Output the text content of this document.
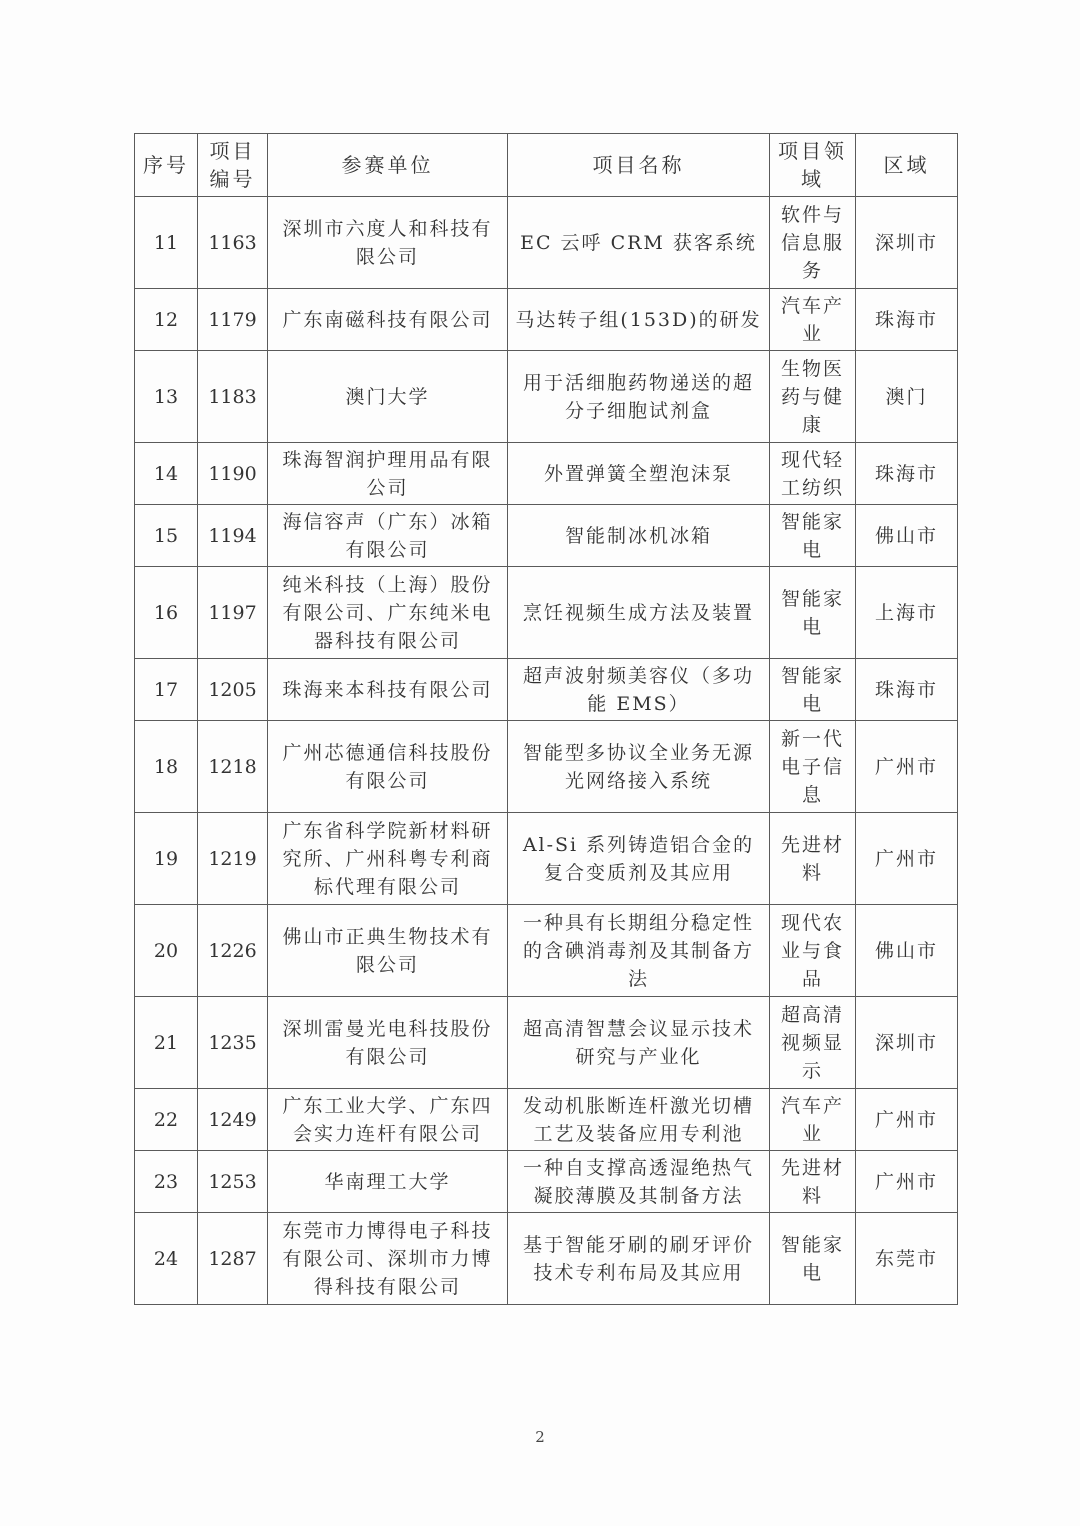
序号	项目编号	参赛单位	项目名称	项目领域	区域
11	1163	深圳市六度人和科技有限公司	EC 云呼 CRM 获客系统	软件与信息服务	深圳市
12	1179	广东南磁科技有限公司	马达转子组(153D)的研发	汽车产业	珠海市
13	1183	澳门大学	用于活细胞药物递送的超分子细胞试剂盒	生物医药与健康	澳门
14	1190	珠海智润护理用品有限公司	外置弹簧全塑泡沫泵	现代轻工纺织	珠海市
15	1194	海信容声（广东）冰箱有限公司	智能制冰机冰箱	智能家电	佛山市
16	1197	纯米科技（上海）股份有限公司、广东纯米电器科技有限公司	烹饪视频生成方法及装置	智能家电	上海市
17	1205	珠海来本科技有限公司	超声波射频美容仪（多功能 EMS）	智能家电	珠海市
18	1218	广州芯德通信科技股份有限公司	智能型多协议全业务无源光网络接入系统	新一代电子信息	广州市
19	1219	广东省科学院新材料研究所、广州科粤专利商标代理有限公司	Al-Si 系列铸造铝合金的复合变质剂及其应用	先进材料	广州市
20	1226	佛山市正典生物技术有限公司	一种具有长期组分稳定性的含碘消毒剂及其制备方法	现代农业与食品	佛山市
21	1235	深圳雷曼光电科技股份有限公司	超高清智慧会议显示技术研究与产业化	超高清视频显示	深圳市
22	1249	广东工业大学、广东四会实力连杆有限公司	发动机胀断连杆激光切槽工艺及装备应用专利池	汽车产业	广州市
23	1253	华南理工大学	一种自支撑高透湿绝热气凝胶薄膜及其制备方法	先进材料	广州市
24	1287	东莞市力博得电子科技有限公司、深圳市力博得科技有限公司	基于智能牙刷的刷牙评价技术专利布局及其应用	智能家电	东莞市
2
